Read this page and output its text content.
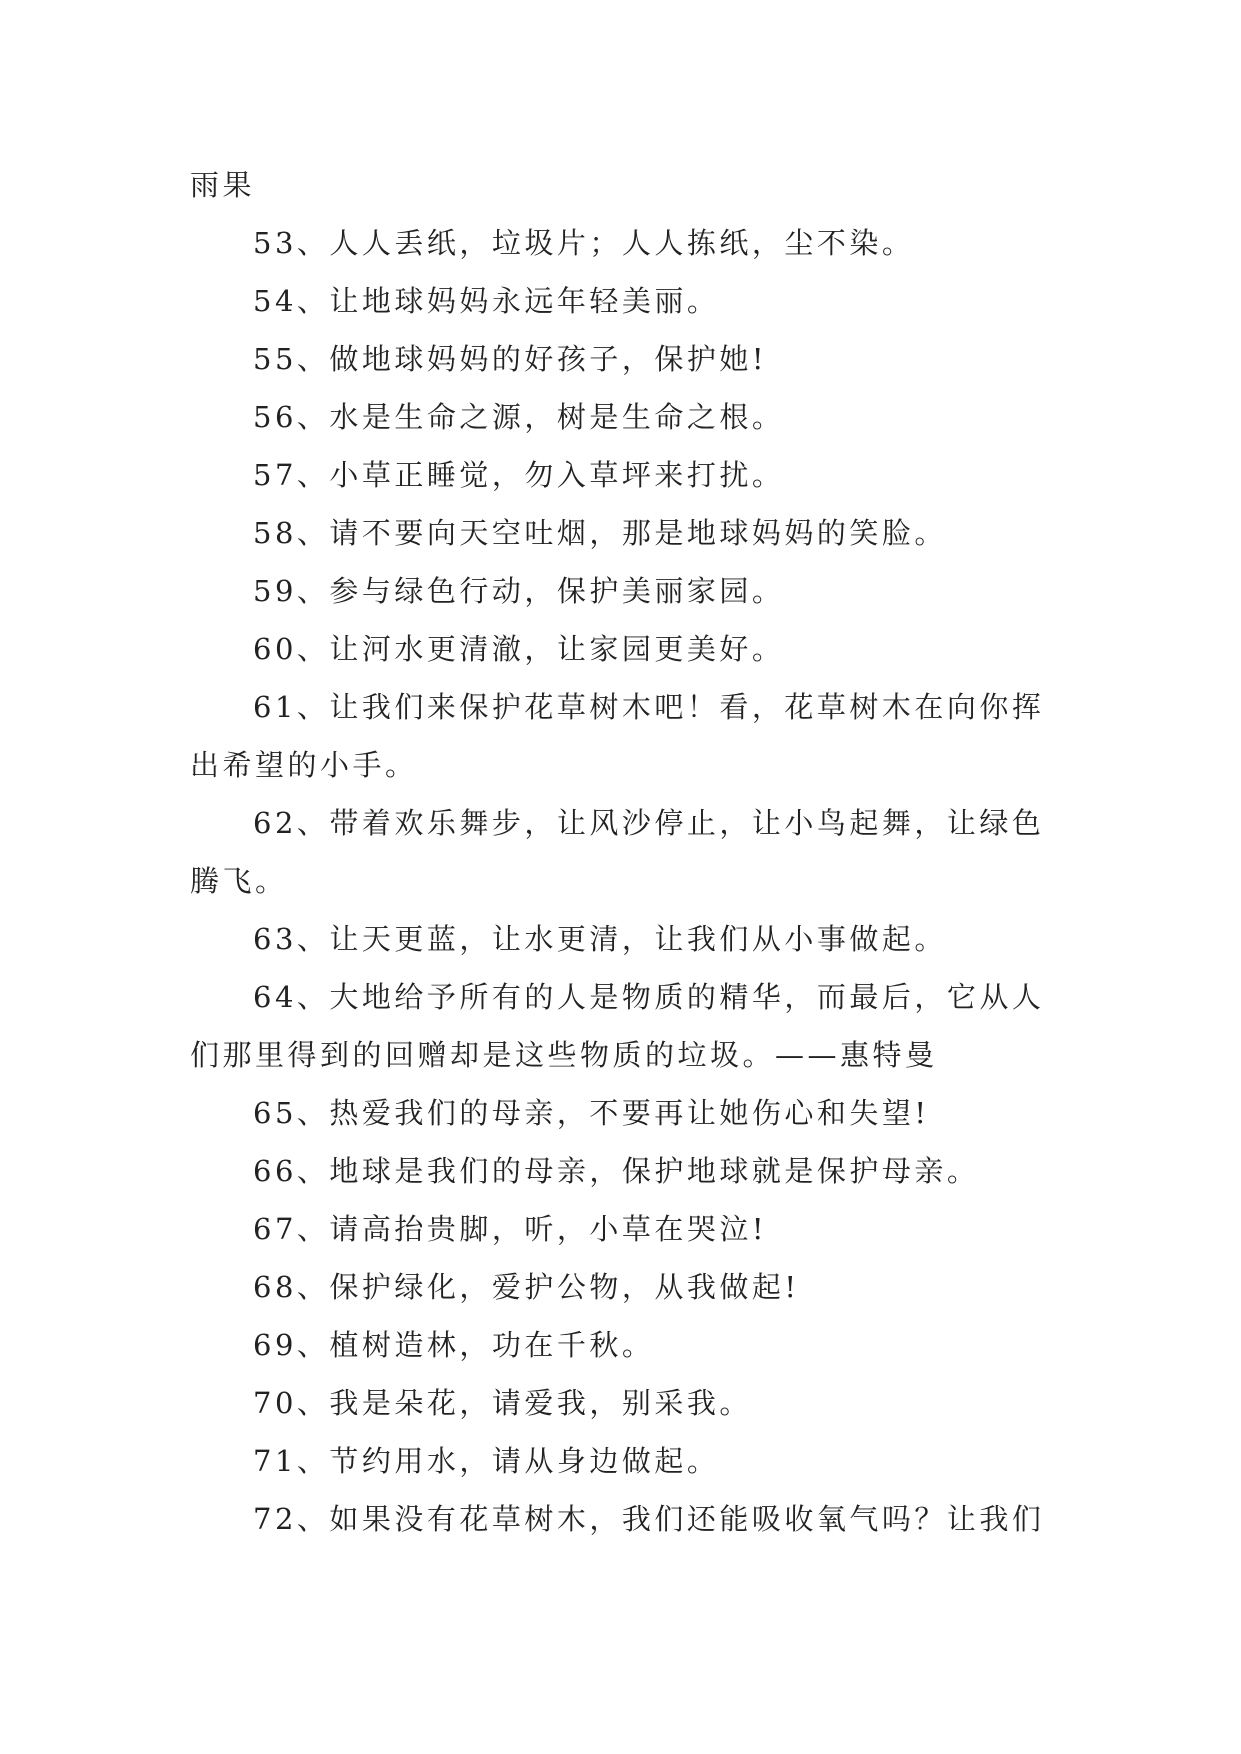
雨果
53、人人丢纸，垃圾片；人人拣纸，尘不染。
54、让地球妈妈永远年轻美丽。
55、做地球妈妈的好孩子，保护她!
56、水是生命之源，树是生命之根。
57、小草正睡觉，勿入草坪来打扰。
58、请不要向天空吐烟，那是地球妈妈的笑脸。
59、参与绿色行动，保护美丽家园。
60、让河水更清澈，让家园更美好。
61、让我们来保护花草树木吧！看，花草树木在向你挥
出希望的小手。
62、带着欢乐舞步，让风沙停止，让小鸟起舞，让绿色
腾飞。
63、让天更蓝，让水更清，让我们从小事做起。
64、大地给予所有的人是物质的精华，而最后，它从人
们那里得到的回赠却是这些物质的垃圾。——惠特曼
65、热爱我们的母亲，不要再让她伤心和失望!
66、地球是我们的母亲，保护地球就是保护母亲。
67、请高抬贵脚，听，小草在哭泣!
68、保护绿化，爱护公物，从我做起!
69、植树造林，功在千秋。
70、我是朵花，请爱我，别采我。
71、节约用水，请从身边做起。
72、如果没有花草树木，我们还能吸收氧气吗？让我们
